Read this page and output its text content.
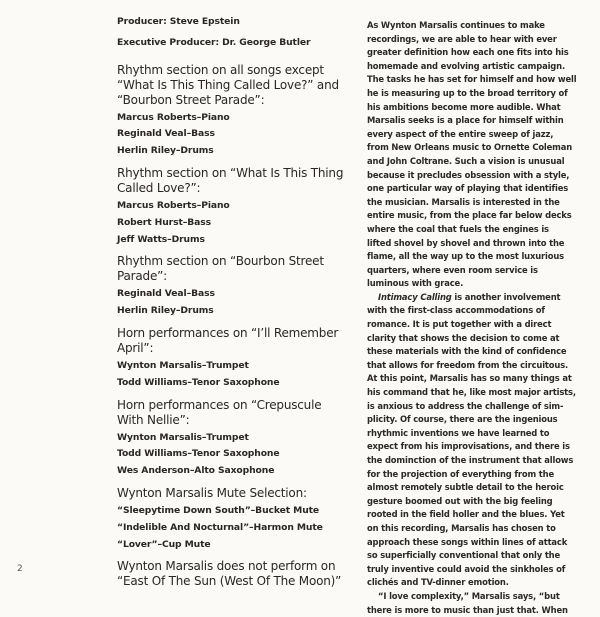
Producer: Steve Epstein
Executive Producer: Dr. George Butler
Rhythm section on all songs except
“What Is This Thing Called Love?” and
“Bourbon Street Parade”:
Marcus Roberts–Piano
Reginald Veal–Bass
Herlin Riley–Drums
Rhythm section on “What Is This Thing
Called Love?”:
Marcus Roberts–Piano
Robert Hurst–Bass
Jeff Watts–Drums
Rhythm section on “Bourbon Street
Parade”:
Reginald Veal–Bass
Herlin Riley–Drums
Horn performances on “I’ll Remember
April”:
Wynton Marsalis–Trumpet
Todd Williams–Tenor Saxophone
Horn performances on “Crepuscule
With Nellie”:
Wynton Marsalis–Trumpet
Todd Williams–Tenor Saxophone
Wes Anderson–Alto Saxophone
Wynton Marsalis Mute Selection:
“Sleepytime Down South”–Bucket Mute
“Indelible And Nocturnal”–Harmon Mute
“Lover”–Cup Mute
Wynton Marsalis does not perform on
“East Of The Sun (West Of The Moon)”
As Wynton Marsalis continues to make
recordings, we are able to hear with ever
greater definition how each one fits into his
homemade and evolving artistic campaign.
The tasks he has set for himself and how well
he is measuring up to the broad territory of
his ambitions become more audible. What
Marsalis seeks is a place for himself within
every aspect of the entire sweep of jazz,
from New Orleans music to Ornette Coleman
and John Coltrane. Such a vision is unusual
because it precludes obsession with a style,
one particular way of playing that identifies
the musician. Marsalis is interested in the
entire music, from the place far below decks
where the coal that fuels the engines is
lifted shovel by shovel and thrown into the
flame, all the way up to the most luxurious
quarters, where even room service is
luminous with grace.
Intimacy Calling is another involvement
with the first-class accommodations of
romance. It is put together with a direct
clarity that shows the decision to come at
these materials with the kind of confidence
that allows for freedom from the circuitous.
At this point, Marsalis has so many things at
his command that he, like most major artists,
is anxious to address the challenge of sim-
plicity. Of course, there are the ingenious
rhythmic inventions we have learned to
expect from his improvisations, and there is
the dominction of the instrument that allows
for the projection of everything from the
almost remotely subtle detail to the heroic
gesture boomed out with the big feeling
rooted in the field holler and the blues. Yet
on this recording, Marsalis has chosen to
approach these songs within lines of attack
so superficially conventional that only the
truly inventive could avoid the sinkholes of
clichés and TV-dinner emotion.
“I love complexity,” Marsalis says, “but
there is more to music than just that. When
2
